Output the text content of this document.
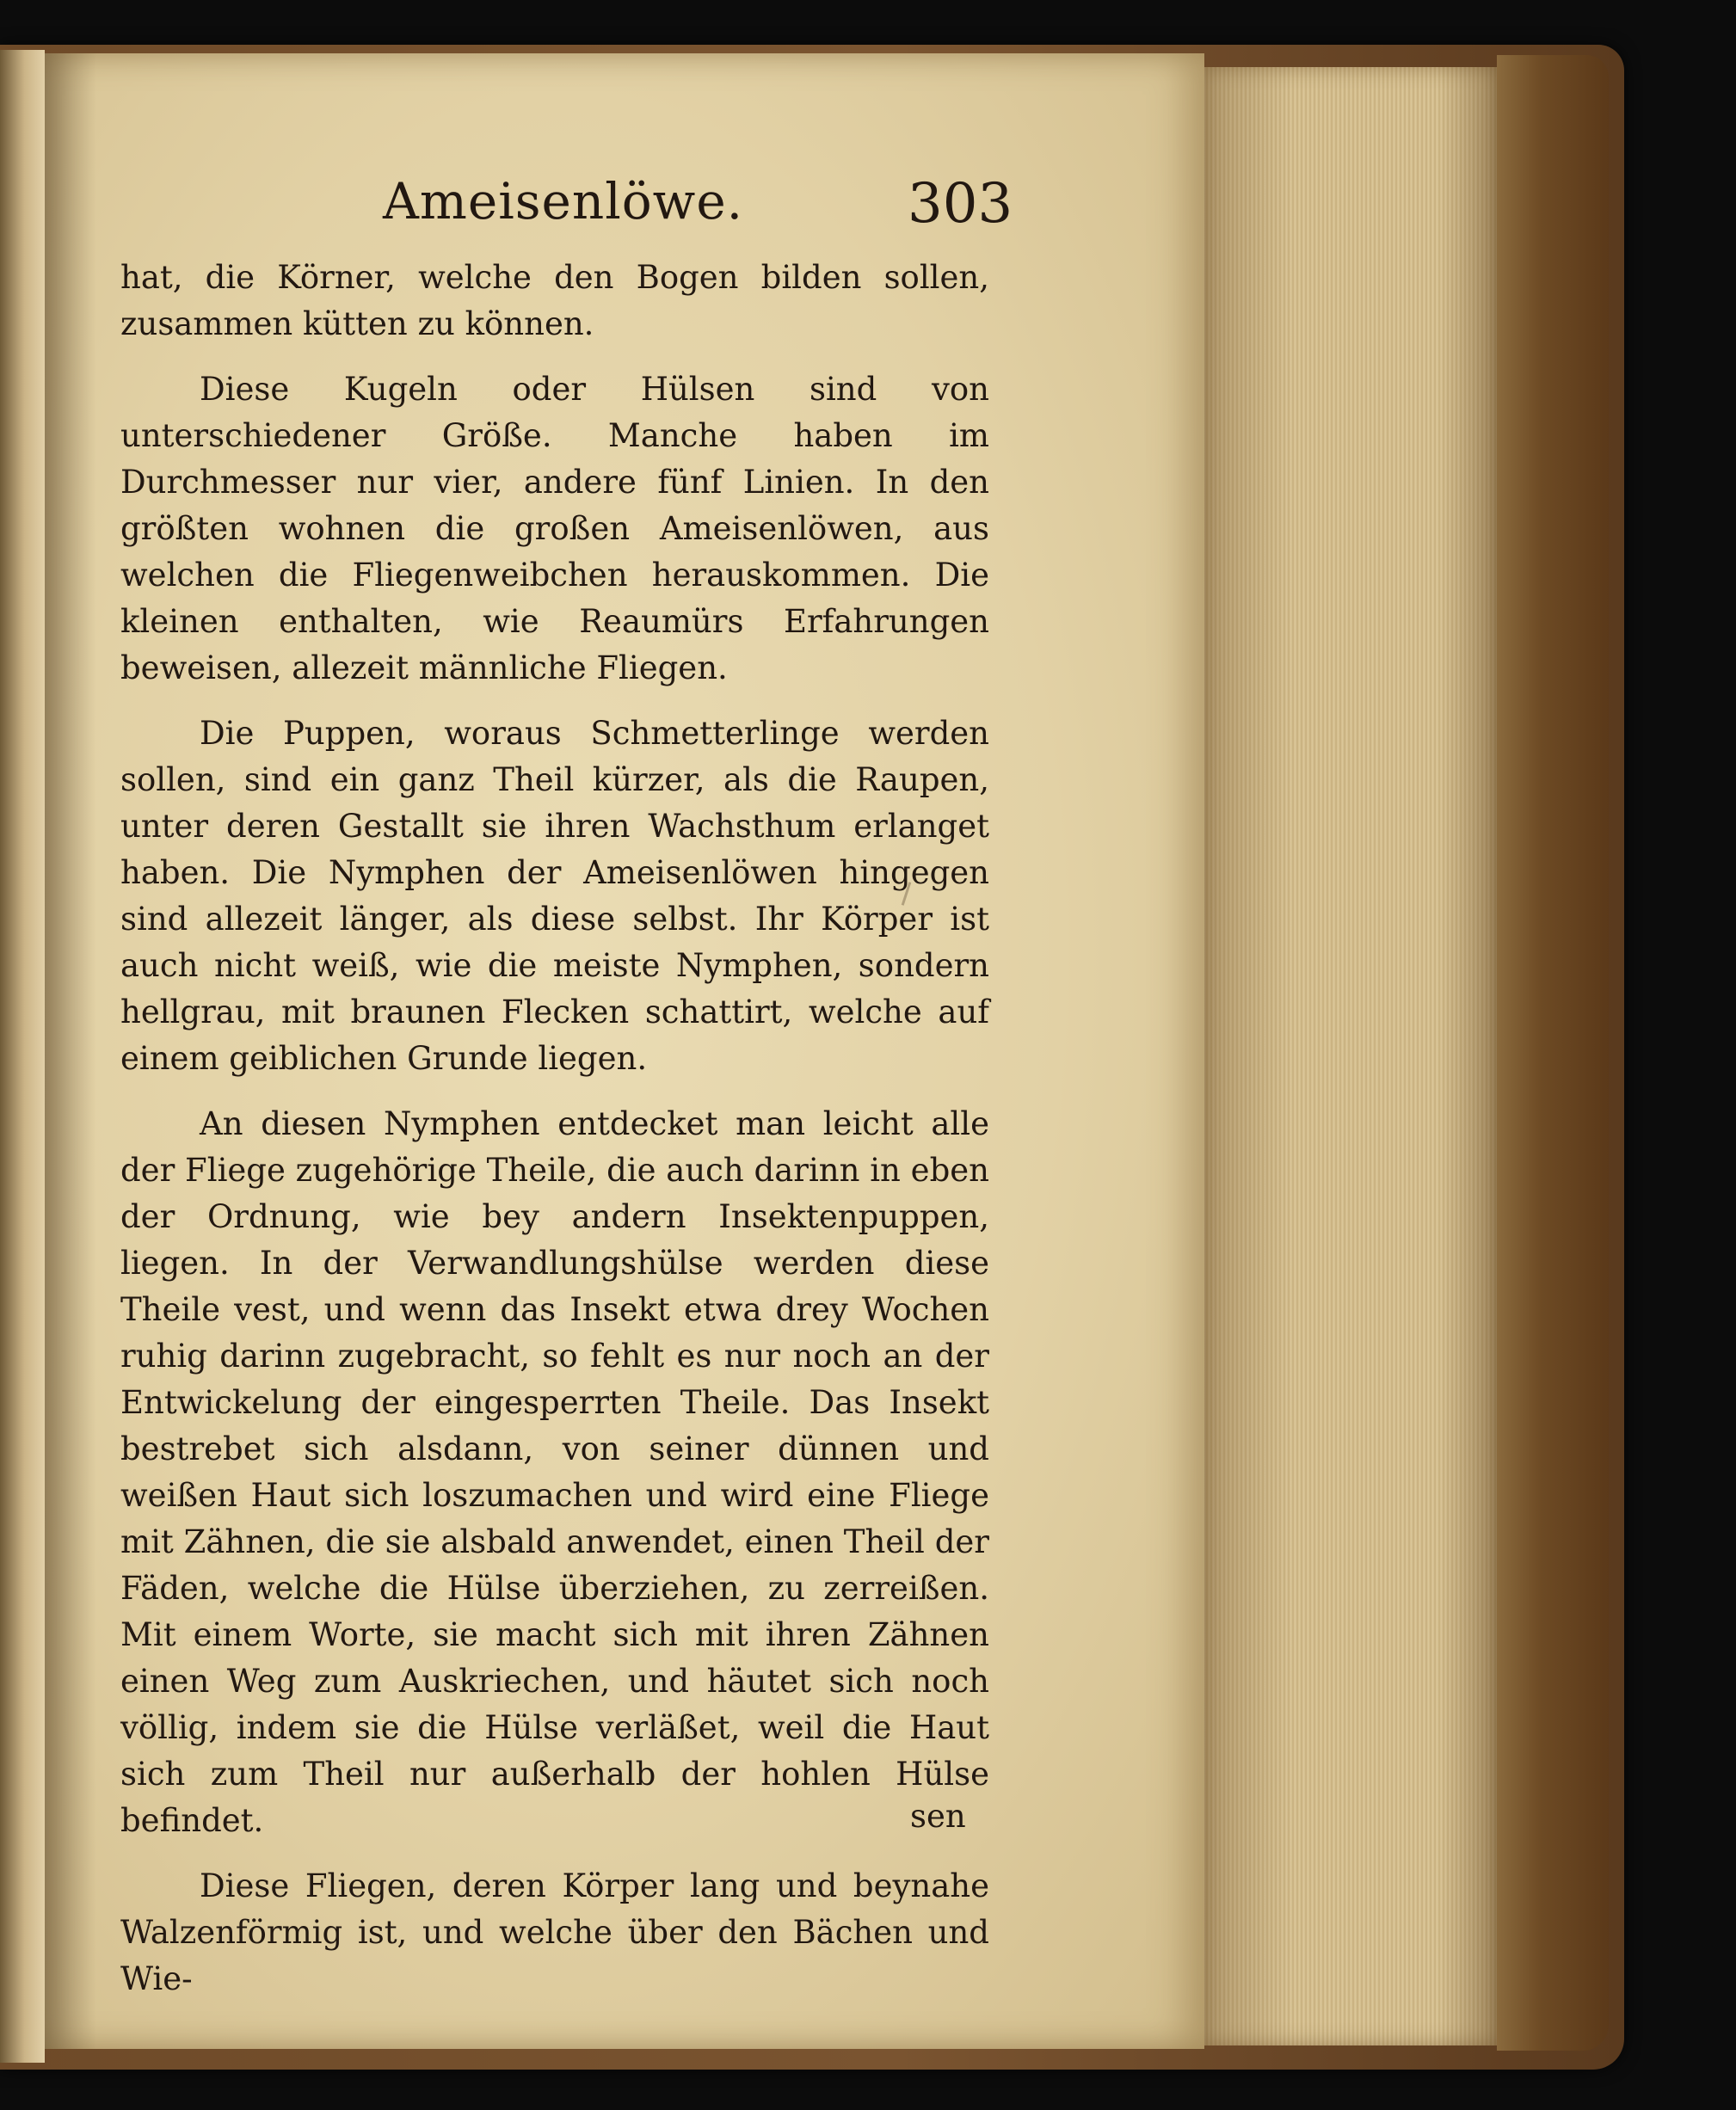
Ameisenlöwe.	303

hat, die Körner, welche den Bogen bilden sollen, zusammen kütten zu können.

Diese Kugeln oder Hülsen sind von unterschiedener Größe. Manche haben im Durchmesser nur vier, andere fünf Linien. In den größten wohnen die großen Ameisenlöwen, aus welchen die Fliegenweibchen herauskommen. Die kleinen enthalten, wie Reaumürs Erfahrungen beweisen, allezeit männliche Fliegen.

Die Puppen, woraus Schmetterlinge werden sollen, sind ein ganz Theil kürzer, als die Raupen, unter deren Gestallt sie ihren Wachsthum erlanget haben. Die Nymphen der Ameisenlöwen hingegen sind allezeit länger, als diese selbst. Ihr Körper ist auch nicht weiß, wie die meiste Nymphen, sondern hellgrau, mit braunen Flecken schattirt, welche auf einem geiblichen Grunde liegen.

An diesen Nymphen entdecket man leicht alle der Fliege zugehörige Theile, die auch darinn in eben der Ordnung, wie bey andern Insektenpuppen, liegen. In der Verwandlungshülse werden diese Theile vest, und wenn das Insekt etwa drey Wochen ruhig darinn zugebracht, so fehlt es nur noch an der Entwickelung der eingesperrten Theile. Das Insekt bestrebet sich alsdann, von seiner dünnen und weißen Haut sich loszumachen und wird eine Fliege mit Zähnen, die sie alsbald anwendet, einen Theil der Fäden, welche die Hülse überziehen, zu zerreißen. Mit einem Worte, sie macht sich mit ihren Zähnen einen Weg zum Auskriechen, und häutet sich noch völlig, indem sie die Hülse verläßet, weil die Haut sich zum Theil nur außerhalb der hohlen Hülse befindet.

Diese Fliegen, deren Körper lang und beynahe Walzenförmig ist, und welche über den Bächen und Wie-

sen
